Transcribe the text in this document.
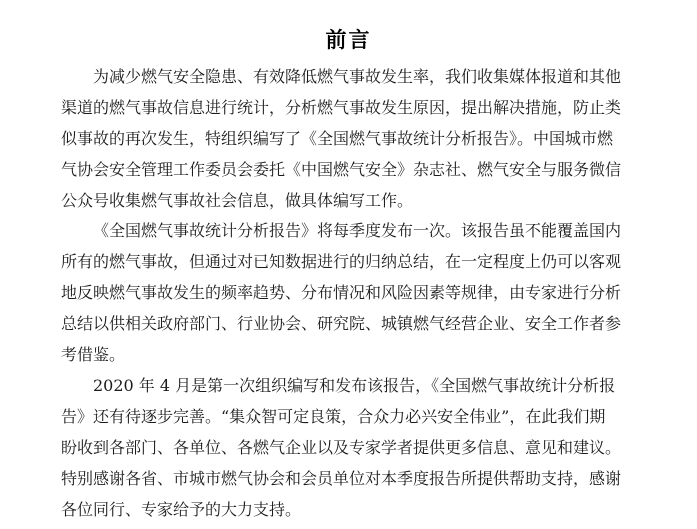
前言
为减少燃气安全隐患、有效降低燃气事故发生率，我们收集媒体报道和其他
渠道的燃气事故信息进行统计，分析燃气事故发生原因，提出解决措施，防止类
似事故的再次发生，特组织编写了《全国燃气事故统计分析报告》。中国城市燃
气协会安全管理工作委员会委托《中国燃气安全》杂志社、燃气安全与服务微信
公众号收集燃气事故社会信息，做具体编写工作。
《全国燃气事故统计分析报告》将每季度发布一次。该报告虽不能覆盖国内
所有的燃气事故，但通过对已知数据进行的归纳总结，在一定程度上仍可以客观
地反映燃气事故发生的频率趋势、分布情况和风险因素等规律，由专家进行分析
总结以供相关政府部门、行业协会、研究院、城镇燃气经营企业、安全工作者参
考借鉴。
2020 年 4 月是第一次组织编写和发布该报告，《全国燃气事故统计分析报
告》还有待逐步完善。“集众智可定良策，合众力必兴安全伟业”，在此我们期
盼收到各部门、各单位、各燃气企业以及专家学者提供更多信息、意见和建议。
特别感谢各省、市城市燃气协会和会员单位对本季度报告所提供帮助支持，感谢
各位同行、专家给予的大力支持。
